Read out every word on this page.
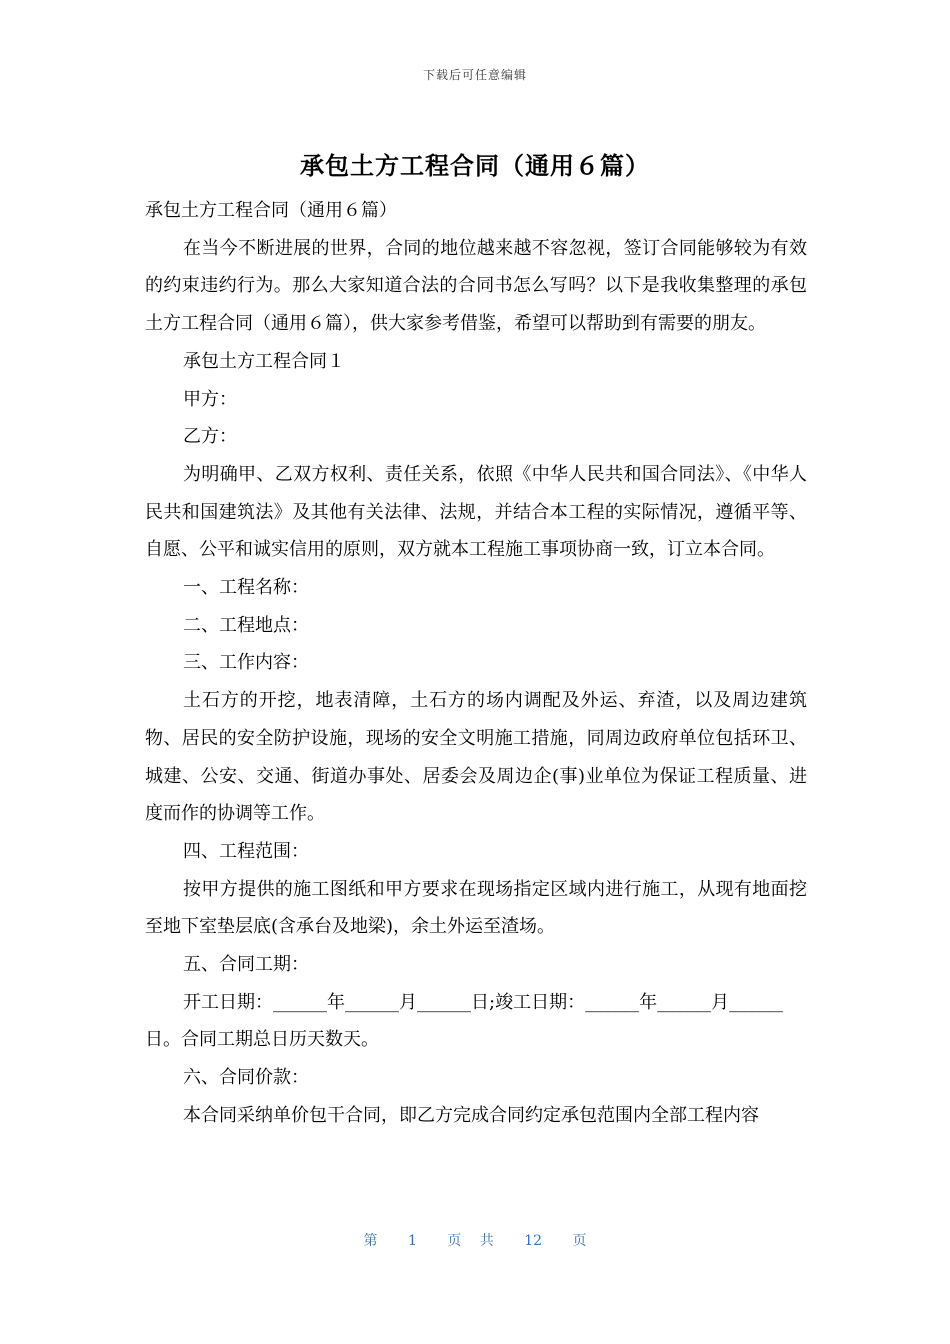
下载后可任意编辑
承包土方工程合同（通用６篇）

承包土方工程合同（通用６篇）

在当今不断进展的世界，合同的地位越来越不容忽视，签订合同能够较为有效的约束违约行为。那么大家知道合法的合同书怎么写吗？以下是我收集整理的承包土方工程合同（通用６篇），供大家参考借鉴，希望可以帮助到有需要的朋友。

承包土方工程合同１

甲方：

乙方：

为明确甲、乙双方权利、责任关系，依照《中华人民共和国合同法》、《中华人民共和国建筑法》及其他有关法律、法规，并结合本工程的实际情况，遵循平等、自愿、公平和诚实信用的原则，双方就本工程施工事项协商一致，订立本合同。

一、工程名称：

二、工程地点：

三、工作内容：

土石方的开挖，地表清障，土石方的场内调配及外运、弃渣，以及周边建筑物、居民的安全防护设施，现场的安全文明施工措施，同周边政府单位包括环卫、城建、公安、交通、街道办事处、居委会及周边企(事)业单位为保证工程质量、进度而作的协调等工作。

四、工程范围：

按甲方提供的施工图纸和甲方要求在现场指定区域内进行施工，从现有地面挖至地下室垫层底(含承台及地梁)，余土外运至渣场。

五、合同工期：

开工日期：______年______月______日;竣工日期：______年______月______日。合同工期总日历天数天。

六、合同价款：

本合同采纳单价包干合同，即乙方完成合同约定承包范围内全部工程内容

第 1 页 共 12 页
